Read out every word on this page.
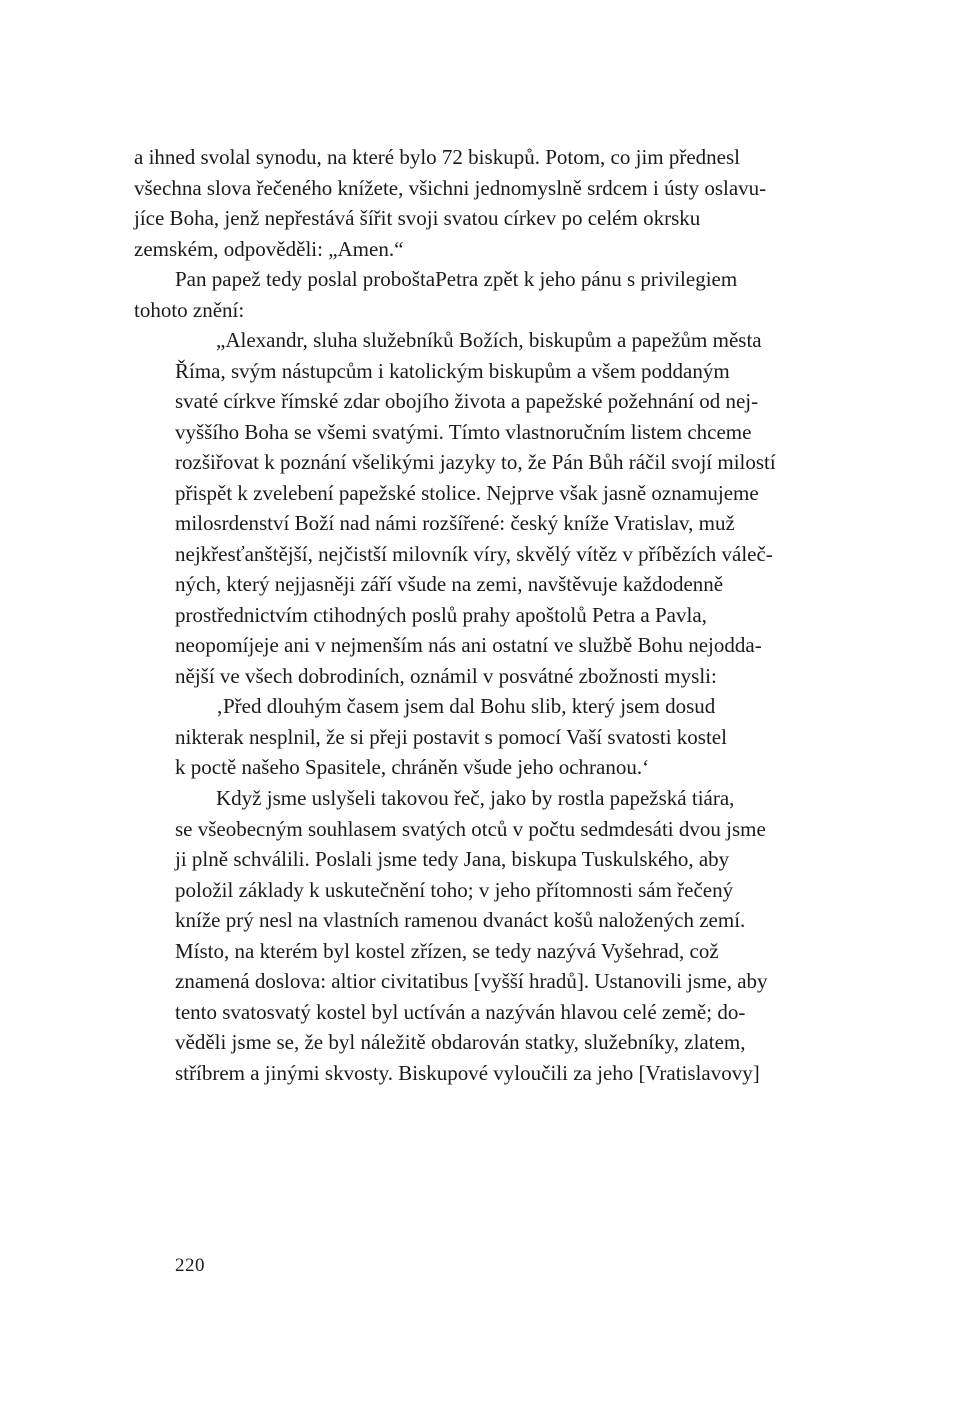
a ihned svolal synodu, na které bylo 72 biskupů. Potom, co jim přednesl
všechna slova řečeného knížete, všichni jednomyslně srdcem i ústy oslavu-
jíce Boha, jenž nepřestává šířit svoji svatou církev po celém okrsku
zemském, odpověděli: „Amen.“
Pan papež tedy poslal proboštaPetra zpět k jeho pánu s privilegiem
tohoto znění:
„Alexandr, sluha služebníků Božích, biskupům a papežům města
Říma, svým nástupcům i katolickým biskupům a všem poddaným
svaté církve římské zdar obojího života a papežské požehnání od nej-
vyššího Boha se všemi svatými. Tímto vlastnoručním listem chceme
rozšiřovat k poznání všelikými jazyky to, že Pán Bůh ráčil svojí milostí
přispět k zvelebení papežské stolice. Nejprve však jasně oznamujeme
milosrdenství Boží nad námi rozšířené: český kníže Vratislav, muž
nejkřesťanštější, nejčistší milovník víry, skvělý vítěz v příbězích váleč-
ných, který nejjasněji září všude na zemi, navštěvuje každodenně
prostřednictvím ctihodných poslů prahy apoštolů Petra a Pavla,
neopomíjeje ani v nejmenším nás ani ostatní ve službě Bohu nejodda-
nější ve všech dobrodiních, oznámil v posvátné zbožnosti mysli:
‚Před dlouhým časem jsem dal Bohu slib, který jsem dosud
nikterak nesplnil, že si přeji postavit s pomocí Vaší svatosti kostel
k poctě našeho Spasitele, chráněn všude jeho ochranou.‘
Když jsme uslyšeli takovou řeč, jako by rostla papežská tiára,
se všeobecným souhlasem svatých otců v počtu sedmdesáti dvou jsme
ji plně schválili. Poslali jsme tedy Jana, biskupa Tuskulského, aby
položil základy k uskutečnění toho; v jeho přítomnosti sám řečený
kníže prý nesl na vlastních ramenou dvanáct košů naložených zemí.
Místo, na kterém byl kostel zřízen, se tedy nazývá Vyšehrad, což
znamená doslova: altior civitatibus [vyšší hradů]. Ustanovili jsme, aby
tento svatosvatý kostel byl uctíván a nazýván hlavou celé země; do-
věděli jsme se, že byl náležitě obdarován statky, služebníky, zlatem,
stříbrem a jinými skvosty. Biskupové vyloučili za jeho [Vratislavovy]
220
